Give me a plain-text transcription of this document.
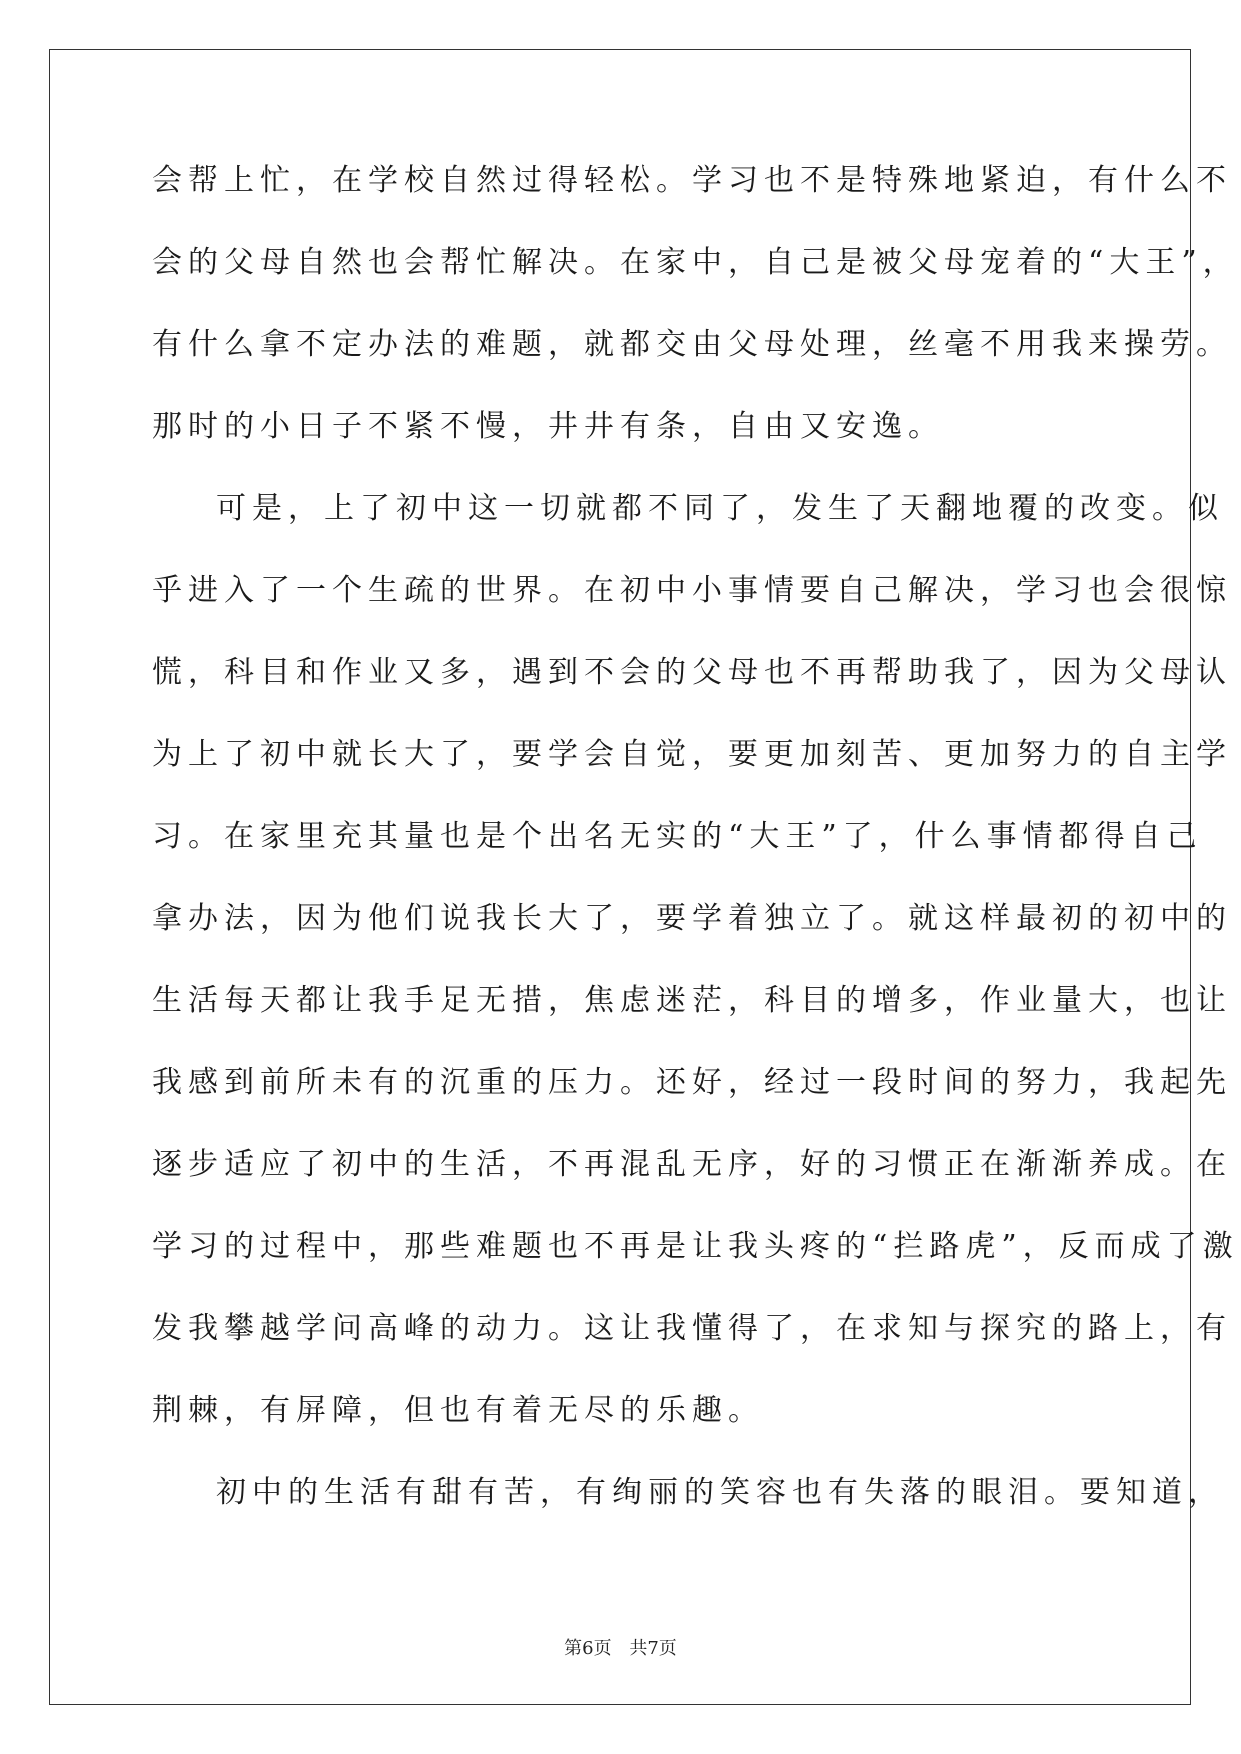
会帮上忙，在学校自然过得轻松。学习也不是特殊地紧迫，有什么不
会的父母自然也会帮忙解决。在家中，自己是被父母宠着的“大王”，
有什么拿不定办法的难题，就都交由父母处理，丝毫不用我来操劳。
那时的小日子不紧不慢，井井有条，自由又安逸。
可是，上了初中这一切就都不同了，发生了天翻地覆的改变。似
乎进入了一个生疏的世界。在初中小事情要自己解决，学习也会很惊
慌，科目和作业又多，遇到不会的父母也不再帮助我了，因为父母认
为上了初中就长大了，要学会自觉，要更加刻苦、更加努力的自主学
习。在家里充其量也是个出名无实的“大王”了，什么事情都得自己
拿办法，因为他们说我长大了，要学着独立了。就这样最初的初中的
生活每天都让我手足无措，焦虑迷茫，科目的增多，作业量大，也让
我感到前所未有的沉重的压力。还好，经过一段时间的努力，我起先
逐步适应了初中的生活，不再混乱无序，好的习惯正在渐渐养成。在
学习的过程中，那些难题也不再是让我头疼的“拦路虎”，反而成了激
发我攀越学问高峰的动力。这让我懂得了，在求知与探究的路上，有
荆棘，有屏障，但也有着无尽的乐趣。
初中的生活有甜有苦，有绚丽的笑容也有失落的眼泪。要知道，
第6页 共7页
